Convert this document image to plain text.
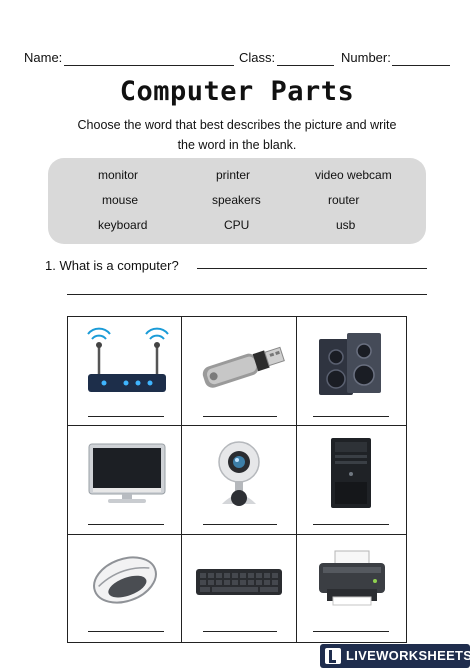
Name:	Class:	Number:
Computer Parts
Choose the word that best describes the picture and write
the word in the blank.
monitor	printer	video webcam
mouse	speakers	router
keyboard	CPU	usb
1. What is a computer?
LIVEWORKSHEETS
